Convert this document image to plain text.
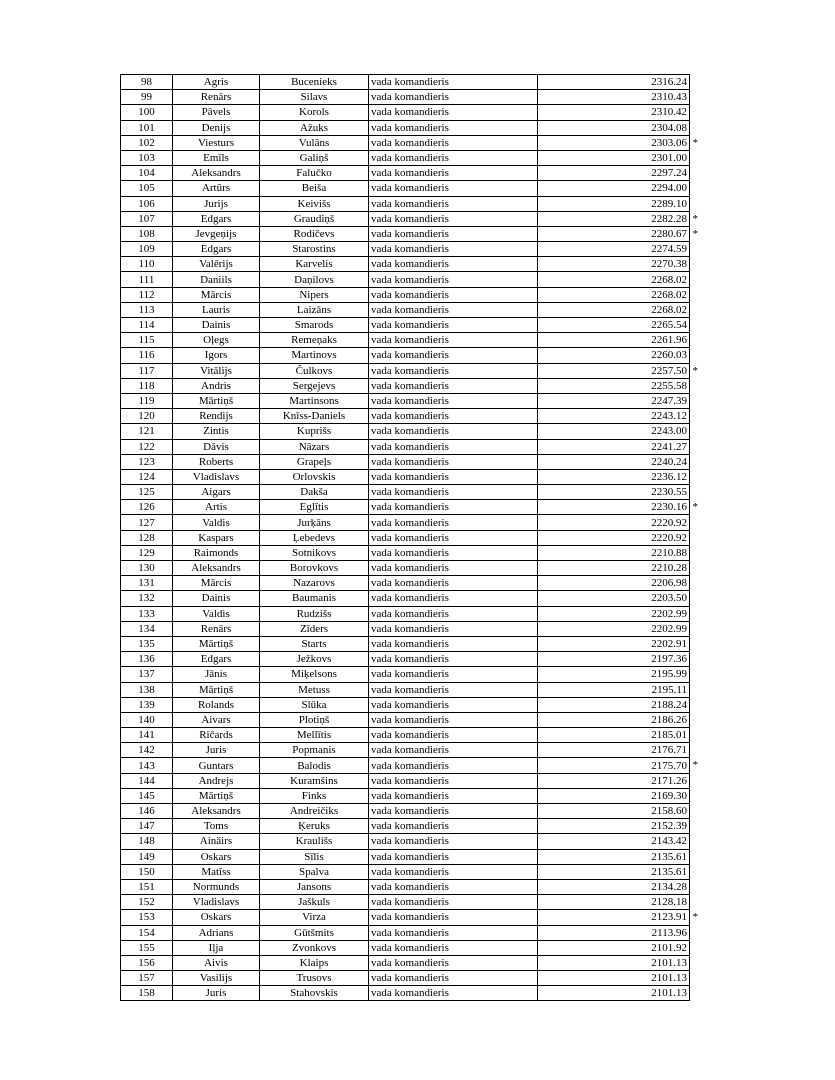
98	Agris	Bucenieks	vada komandieris	2316.24

99	Renārs	Silavs	vada komandieris	2310.43

100	Pāvels	Korols	vada komandieris	2310.42

101	Denijs	Ažuks	vada komandieris	2304.08

102	Viesturs	Vulāns	vada komandieris	2303.06 *

103	Emīls	Galiņš	vada komandieris	2301.00

104	Aleksandrs	Falučko	vada komandieris	2297.24

105	Artūrs	Beiša	vada komandieris	2294.00

106	Jurijs	Keivišs	vada komandieris	2289.10

107	Edgars	Graudiņš	vada komandieris	2282.28 *

108	Jevgeņijs	Rodičevs	vada komandieris	2280.67 *

109	Edgars	Starostins	vada komandieris	2274.59

110	Valērijs	Karvelis	vada komandieris	2270.38

111	Daniils	Daņilovs	vada komandieris	2268.02

112	Mārcis	Nipers	vada komandieris	2268.02

113	Lauris	Laizāns	vada komandieris	2268.02

114	Dainis	Smarods	vada komandieris	2265.54

115	Oļegs	Remeņaks	vada komandieris	2261.96

116	Igors	Martinovs	vada komandieris	2260.03

117	Vitālijs	Čulkovs	vada komandieris	2257.50 *

118	Andris	Sergejevs	vada komandieris	2255.58

119	Mārtiņš	Martinsons	vada komandieris	2247.39

120	Rendijs	Knīss-Daniels	vada komandieris	2243.12

121	Zintis	Kuprišs	vada komandieris	2243.00

122	Dāvis	Nāzars	vada komandieris	2241.27

123	Roberts	Grapeļs	vada komandieris	2240.24

124	Vladislavs	Orlovskis	vada komandieris	2236.12

125	Aigars	Dakša	vada komandieris	2230.55

126	Artis	Eglītis	vada komandieris	2230.16 *

127	Valdis	Jurķāns	vada komandieris	2220.92

128	Kaspars	Ļebedevs	vada komandieris	2220.92

129	Raimonds	Sotnikovs	vada komandieris	2210.88

130	Aleksandrs	Borovkovs	vada komandieris	2210.28

131	Mārcis	Nazarovs	vada komandieris	2206.98

132	Dainis	Baumanis	vada komandieris	2203.50

133	Valdis	Rudzišs	vada komandieris	2202.99

134	Renārs	Zīders	vada komandieris	2202.99

135	Mārtiņš	Starts	vada komandieris	2202.91

136	Edgars	Ježkovs	vada komandieris	2197.36

137	Jānis	Miķelsons	vada komandieris	2195.99

138	Mārtiņš	Metuss	vada komandieris	2195.11

139	Rolands	Slūka	vada komandieris	2188.24

140	Aivars	Plotiņš	vada komandieris	2186.26

141	Ričards	Mellītis	vada komandieris	2185.01

142	Juris	Popmanis	vada komandieris	2176.71

143	Guntars	Balodis	vada komandieris	2175.70 *

144	Andrejs	Kuramšins	vada komandieris	2171.26

145	Mārtiņš	Finks	vada komandieris	2169.30

146	Aleksandrs	Andreičiks	vada komandieris	2158.60

147	Toms	Ķeruks	vada komandieris	2152.39

148	Aināirs	Kraulišs	vada komandieris	2143.42

149	Oskars	Sīlis	vada komandieris	2135.61

150	Matīss	Spalva	vada komandieris	2135.61

151	Normunds	Jansons	vada komandieris	2134.28

152	Vladislavs	Jaškuls	vada komandieris	2128.18

153	Oskars	Virza	vada komandieris	2123.91 *

154	Adrians	Gūtšmits	vada komandieris	2113.96

155	Iļja	Zvonkovs	vada komandieris	2101.92

156	Aivis	Klaips	vada komandieris	2101.13

157	Vasilijs	Trusovs	vada komandieris	2101.13

158	Juris	Stahovskis	vada komandieris	2101.13
